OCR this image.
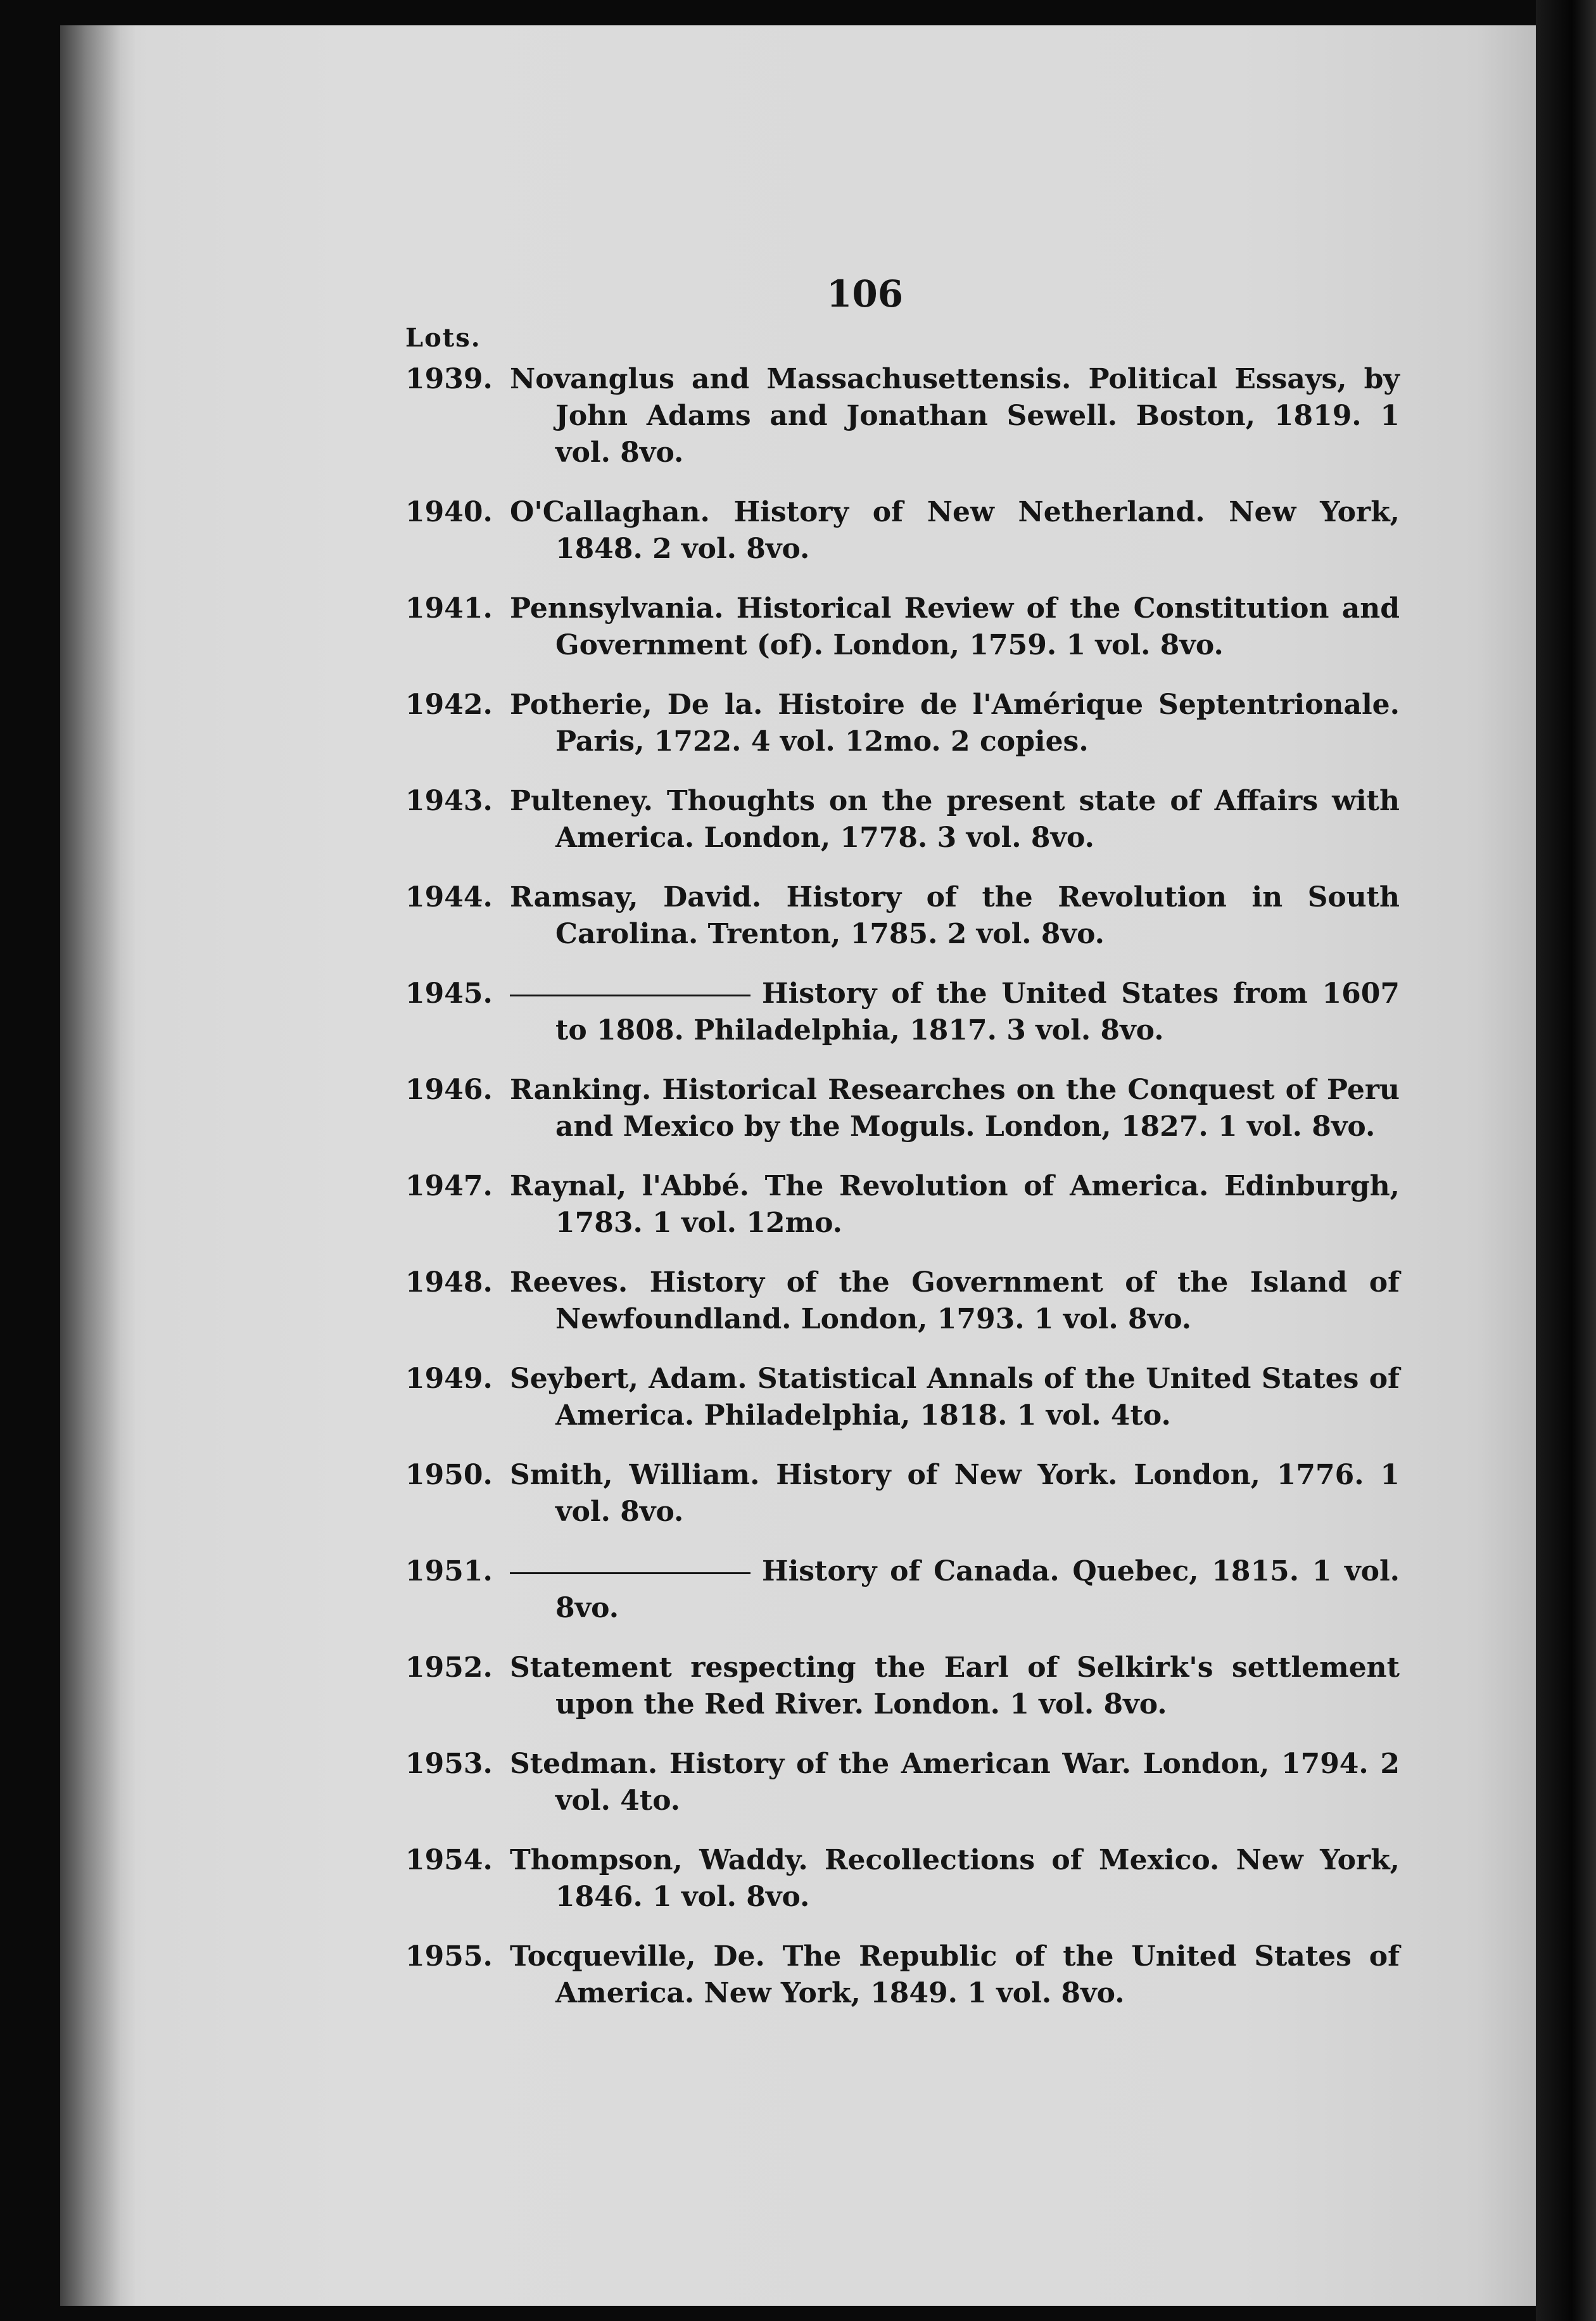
106
Lots.
1939. Novanglus and Massachusettensis. Political Essays, by John Adams and Jonathan Sewell. Boston, 1819. 1 vol. 8vo.
1940. O'Callaghan. History of New Netherland. New York, 1848. 2 vol. 8vo.
1941. Pennsylvania. Historical Review of the Constitution and Government (of). London, 1759. 1 vol. 8vo.
1942. Potherie, De la. Histoire de l'Amérique Septentrionale. Paris, 1722. 4 vol. 12mo. 2 copies.
1943. Pulteney. Thoughts on the present state of Affairs with America. London, 1778. 3 vol. 8vo.
1944. Ramsay, David. History of the Revolution in South Carolina. Trenton, 1785. 2 vol. 8vo.
1945.	History of the United States from 1607 to 1808. Philadelphia, 1817. 3 vol. 8vo.
1946. Ranking. Historical Researches on the Conquest of Peru and Mexico by the Moguls. London, 1827. 1 vol. 8vo.
1947. Raynal, l'Abbé. The Revolution of America. Edinburgh, 1783. 1 vol. 12mo.
1948. Reeves. History of the Government of the Island of Newfoundland. London, 1793. 1 vol. 8vo.
1949. Seybert, Adam. Statistical Annals of the United States of America. Philadelphia, 1818. 1 vol. 4to.
1950. Smith, William. History of New York. London, 1776. 1 vol. 8vo.
1951.	History of Canada. Quebec, 1815. 1 vol. 8vo.
1952. Statement respecting the Earl of Selkirk's settlement upon the Red River. London. 1 vol. 8vo.
1953. Stedman. History of the American War. London, 1794. 2 vol. 4to.
1954. Thompson, Waddy. Recollections of Mexico. New York, 1846. 1 vol. 8vo.
1955. Tocqueville, De. The Republic of the United States of America. New York, 1849. 1 vol. 8vo.
